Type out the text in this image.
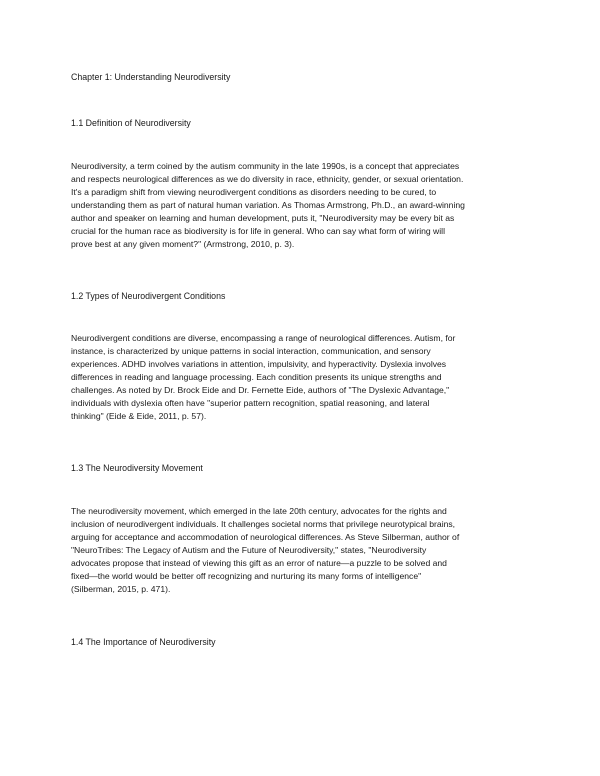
Chapter 1: Understanding Neurodiversity
1.1 Definition of Neurodiversity

Neurodiversity, a term coined by the autism community in the late 1990s, is a concept that appreciates

and respects neurological differences as we do diversity in race, ethnicity, gender, or sexual orientation.

It's a paradigm shift from viewing neurodivergent conditions as disorders needing to be cured, to

understanding them as part of natural human variation. As Thomas Armstrong, Ph.D., an award-winning

author and speaker on learning and human development, puts it, "Neurodiversity may be every bit as

crucial for the human race as biodiversity is for life in general. Who can say what form of wiring will

prove best at any given moment?" (Armstrong, 2010, p. 3).

1.2 Types of Neurodivergent Conditions

Neurodivergent conditions are diverse, encompassing a range of neurological differences. Autism, for

instance, is characterized by unique patterns in social interaction, communication, and sensory

experiences. ADHD involves variations in attention, impulsivity, and hyperactivity. Dyslexia involves

differences in reading and language processing. Each condition presents its unique strengths and

challenges. As noted by Dr. Brock Eide and Dr. Fernette Eide, authors of "The Dyslexic Advantage,"

individuals with dyslexia often have "superior pattern recognition, spatial reasoning, and lateral

thinking" (Eide & Eide, 2011, p. 57).

1.3 The Neurodiversity Movement

The neurodiversity movement, which emerged in the late 20th century, advocates for the rights and

inclusion of neurodivergent individuals. It challenges societal norms that privilege neurotypical brains,

arguing for acceptance and accommodation of neurological differences. As Steve Silberman, author of

"NeuroTribes: The Legacy of Autism and the Future of Neurodiversity," states, "Neurodiversity

advocates propose that instead of viewing this gift as an error of nature—a puzzle to be solved and

fixed—the world would be better off recognizing and nurturing its many forms of intelligence"

(Silberman, 2015, p. 471).

1.4 The Importance of Neurodiversity
